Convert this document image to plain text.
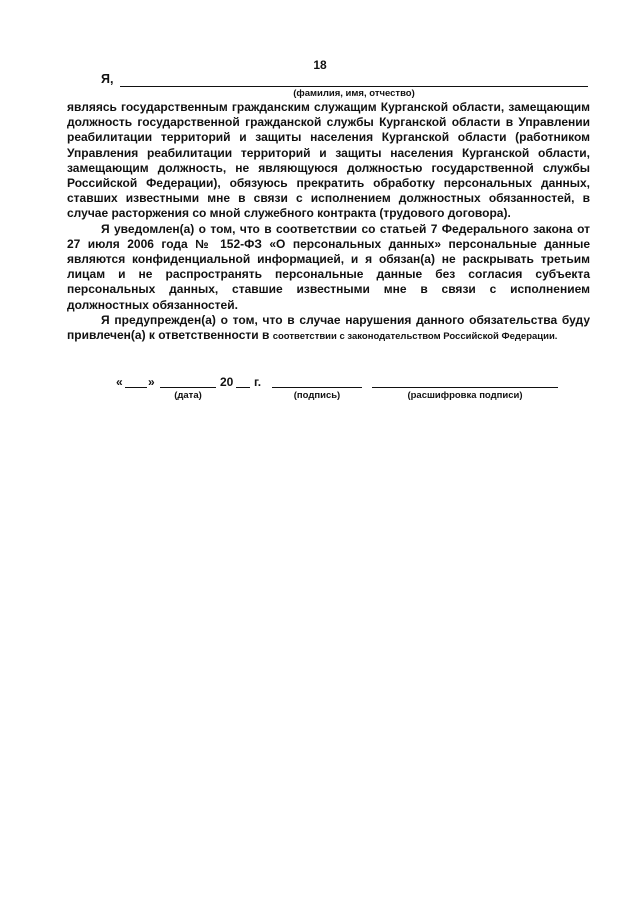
18
Я,
(фамилия, имя, отчество)

являясь государственным гражданским служащим Курганской области, замещающим должность государственной гражданской службы Курганской области в Управлении реабилитации территорий и защиты населения Курганской области (работником Управления реабилитации территорий и защиты населения Курганской области, замещающим должность, не являющуюся должностью государственной службы Российской Федерации), обязуюсь прекратить обработку персональных данных, ставших известными мне в связи с исполнением должностных обязанностей, в случае расторжения со мной служебного контракта (трудового договора).

Я уведомлен(а) о том, что в соответствии со статьей 7 Федерального закона от 27 июля 2006 года № 152-ФЗ «О персональных данных» персональные данные являются конфиденциальной информацией, и я обязан(а) не раскрывать третьим лицам и не распространять персональные данные без согласия субъекта персональных данных, ставшие известными мне в связи с исполнением должностных обязанностей.

Я предупрежден(а) о том, что в случае нарушения данного обязательства буду привлечен(а) к ответственности в соответствии с законодательством Российской Федерации.

« »	20 г.
(дата)	(подпись)	(расшифровка подписи)
